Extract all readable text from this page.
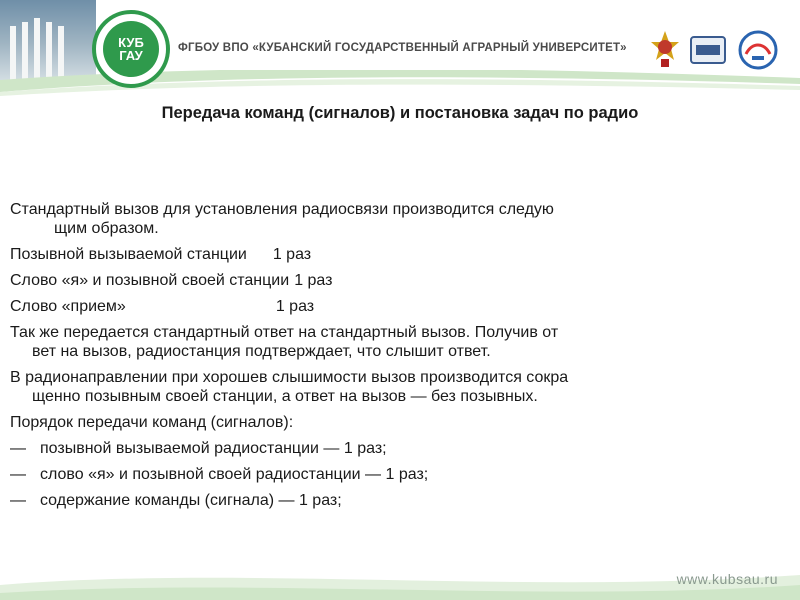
КУБ
ГАУ	ФГБОУ ВПО «КУБАНСКИЙ ГОСУДАРСТВЕННЫЙ АГРАРНЫЙ УНИВЕРСИТЕТ»
Передача команд (сигналов) и постановка задач по радио
Стандартный вызов для установления радиосвязи производится следую
щим образом.
Позывной вызываемой станции 1 раз
Слово «я» и позывной своей станции 1 раз
Слово «прием»	1 раз
Так же передается стандартный ответ на стандартный вызов. Получив от
вет на вызов, радиостанция подтверждает, что слышит ответ.
В радионаправлении при хорошев слышимости вызов производится сокра
щенно позывным своей станции, а ответ на вызов — без позывных.
Порядок передачи команд (сигналов):
— позывной вызываемой радиостанции — 1 раз;
— слово «я» и позывной своей радиостанции — 1 раз;
— содержание команды (сигнала) — 1 раз;
www.kubsau.ru
